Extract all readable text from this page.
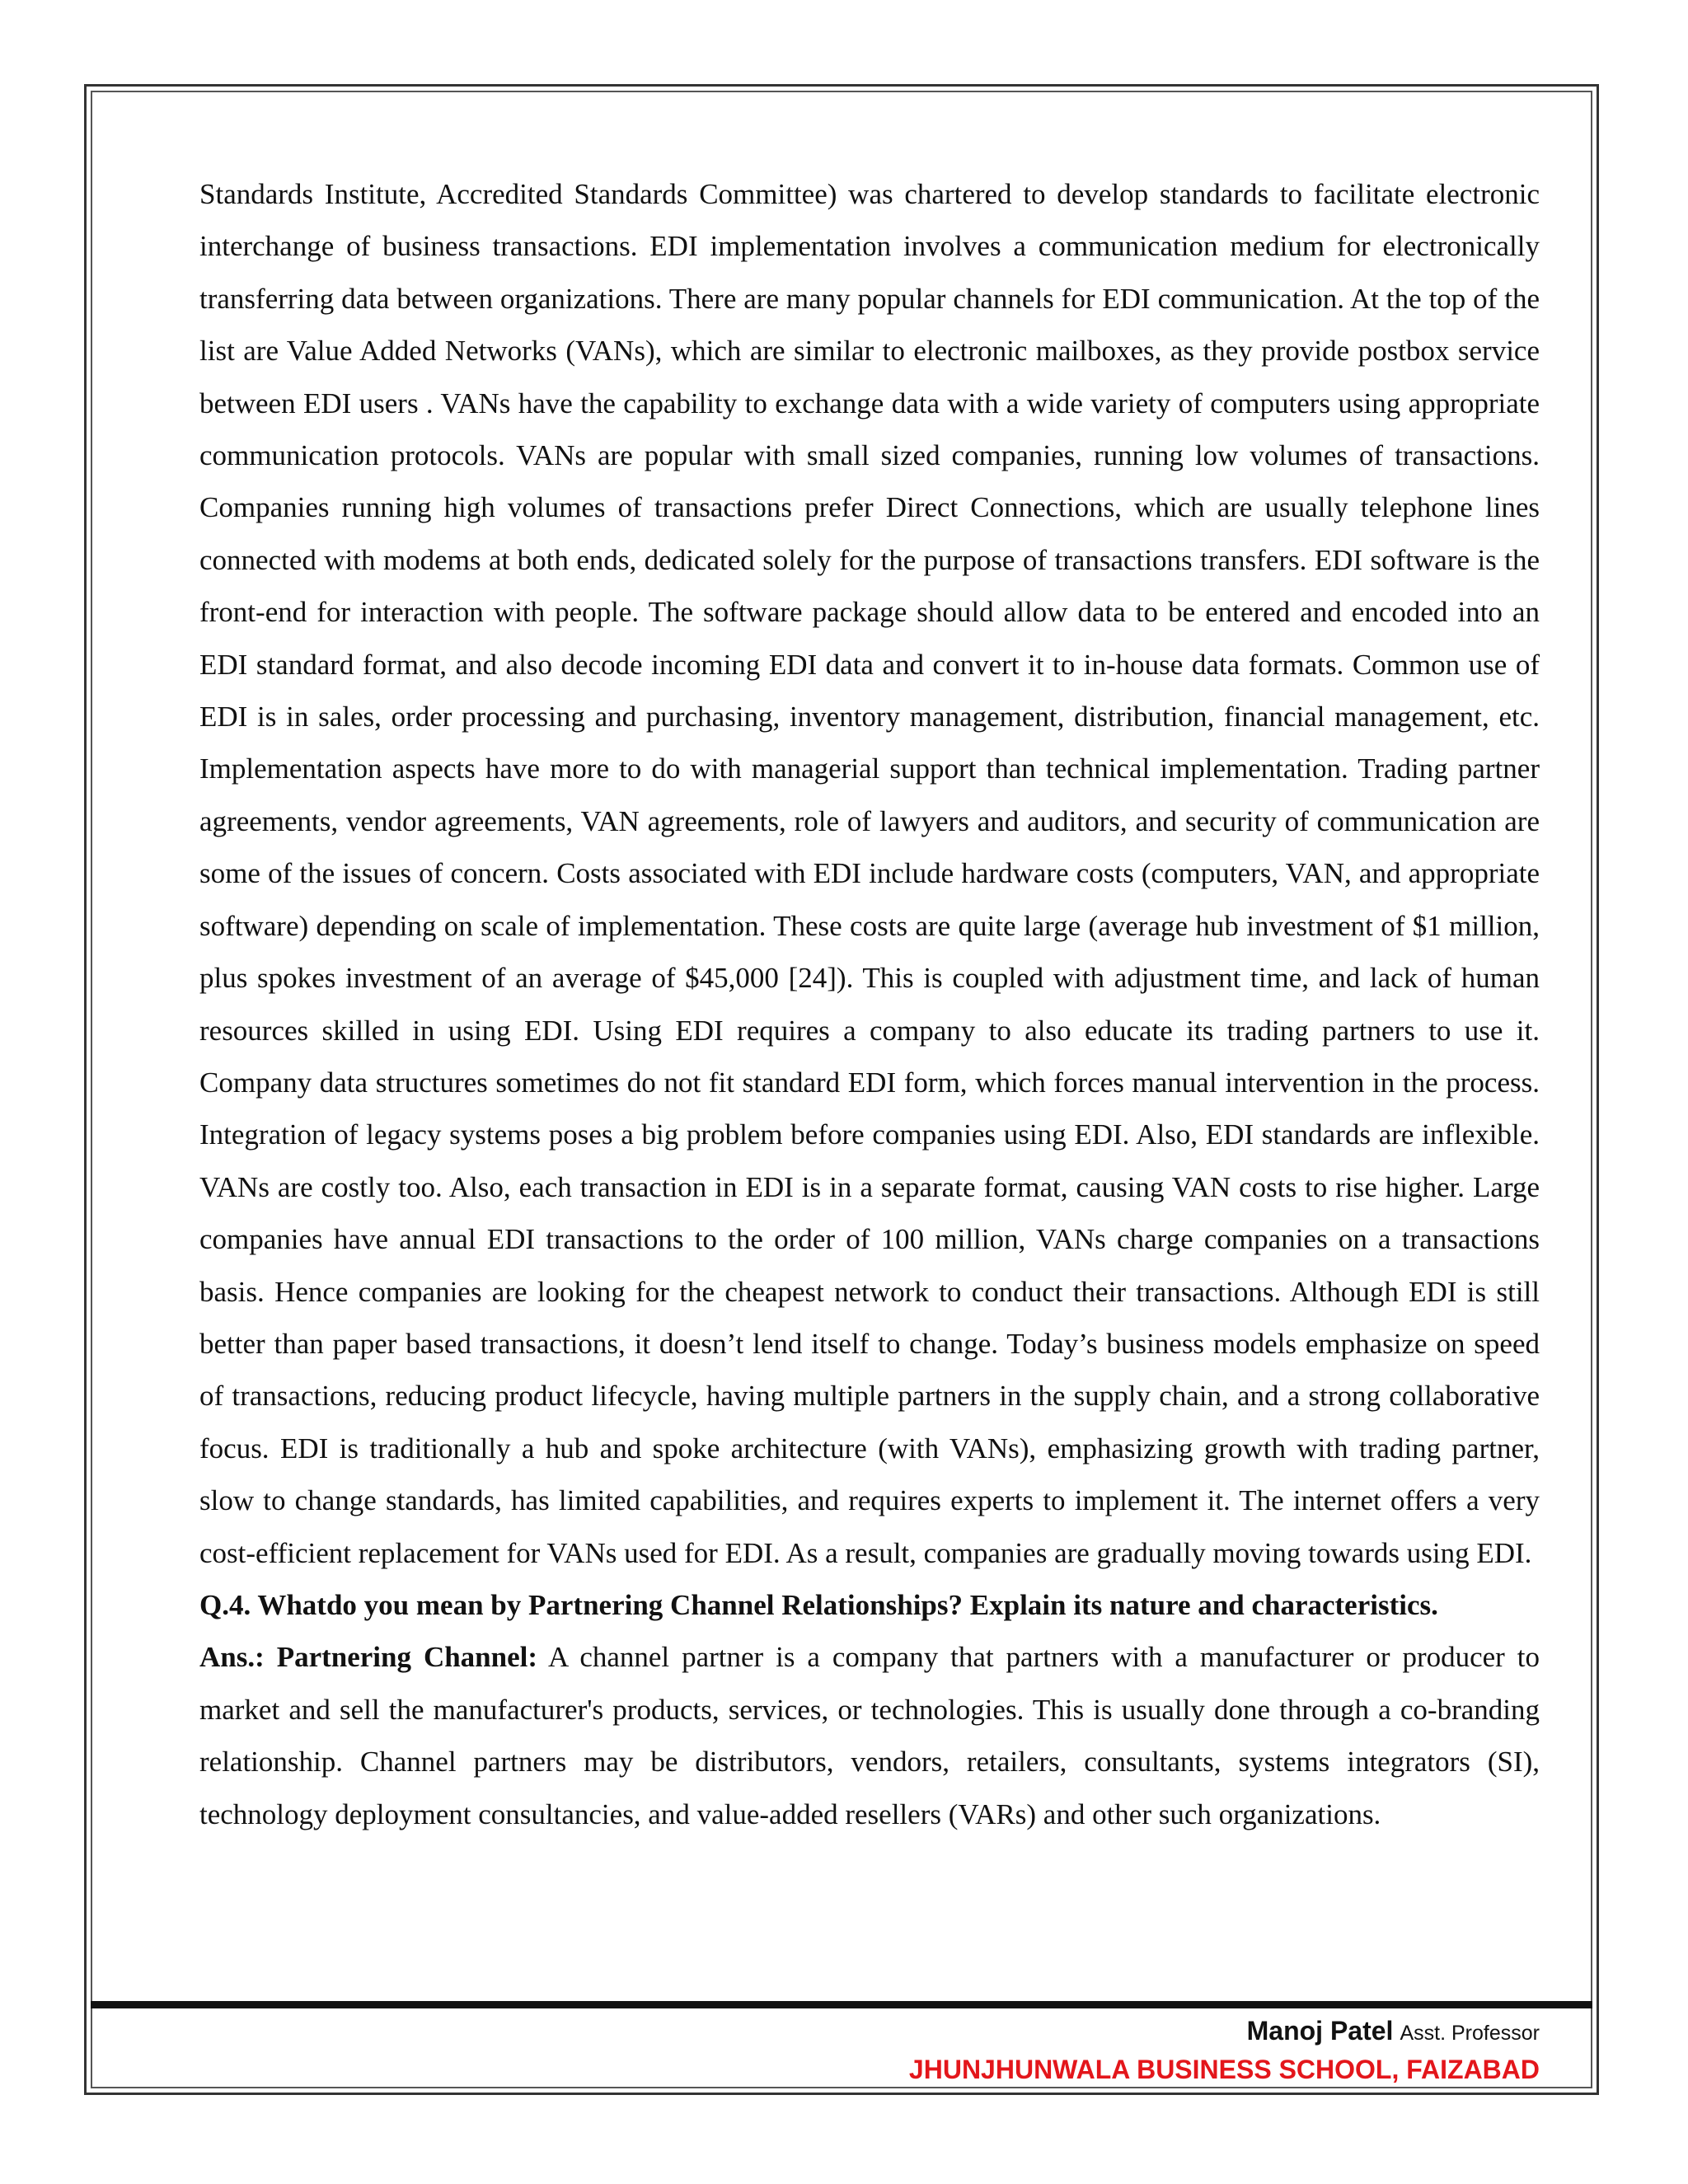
Standards Institute, Accredited Standards Committee) was chartered to develop standards to facilitate electronic interchange of business transactions. EDI implementation involves a communication medium for electronically transferring data between organizations. There are many popular channels for EDI communication. At the top of the list are Value Added Networks (VANs), which are similar to electronic mailboxes, as they provide postbox service between EDI users . VANs have the capability to exchange data with a wide variety of computers using appropriate communication protocols. VANs are popular with small sized companies, running low volumes of transactions. Companies running high volumes of transactions prefer Direct Connections, which are usually telephone lines connected with modems at both ends, dedicated solely for the purpose of transactions transfers. EDI software is the front-end for interaction with people. The software package should allow data to be entered and encoded into an EDI standard format, and also decode incoming EDI data and convert it to in-house data formats. Common use of EDI is in sales, order processing and purchasing, inventory management, distribution, financial management, etc. Implementation aspects have more to do with managerial support than technical implementation. Trading partner agreements, vendor agreements, VAN agreements, role of lawyers and auditors, and security of communication are some of the issues of concern. Costs associated with EDI include hardware costs (computers, VAN, and appropriate software) depending on scale of implementation. These costs are quite large (average hub investment of $1 million, plus spokes investment of an average of $45,000 [24]). This is coupled with adjustment time, and lack of human resources skilled in using EDI. Using EDI requires a company to also educate its trading partners to use it. Company data structures sometimes do not fit standard EDI form, which forces manual intervention in the process. Integration of legacy systems poses a big problem before companies using EDI. Also, EDI standards are inflexible. VANs are costly too. Also, each transaction in EDI is in a separate format, causing VAN costs to rise higher. Large companies have annual EDI transactions to the order of 100 million, VANs charge companies on a transactions basis. Hence companies are looking for the cheapest network to conduct their transactions. Although EDI is still better than paper based transactions, it doesn’t lend itself to change. Today’s business models emphasize on speed of transactions, reducing product lifecycle, having multiple partners in the supply chain, and a strong collaborative focus. EDI is traditionally a hub and spoke architecture (with VANs), emphasizing growth with trading partner, slow to change standards, has limited capabilities, and requires experts to implement it. The internet offers a very cost-efficient replacement for VANs used for EDI. As a result, companies are gradually moving towards using EDI.

Q.4. Whatdo you mean by Partnering Channel Relationships? Explain its nature and characteristics.

Ans.: Partnering Channel: A channel partner is a company that partners with a manufacturer or producer to market and sell the manufacturer's products, services, or technologies. This is usually done through a co-branding relationship. Channel partners may be distributors, vendors, retailers, consultants, systems integrators (SI), technology deployment consultancies, and value-added resellers (VARs) and other such organizations.

Manoj Patel Asst. Professor
JHUNJHUNWALA BUSINESS SCHOOL, FAIZABAD
